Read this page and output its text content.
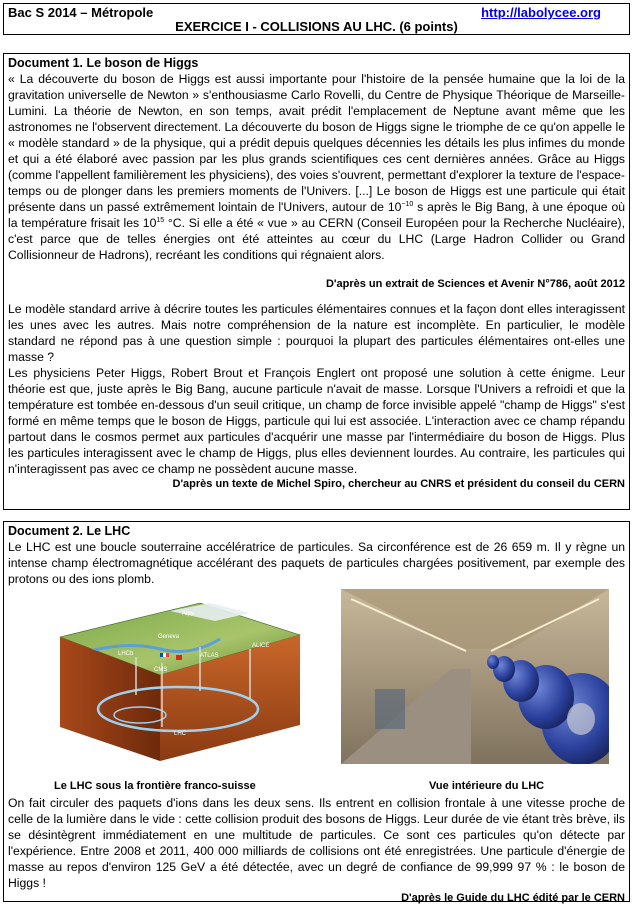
Bac S 2014 – Métropole	http://labolycee.org
EXERCICE I - COLLISIONS AU LHC. (6 points)
Document 1. Le boson de Higgs

« La découverte du boson de Higgs est aussi importante pour l'histoire de la pensée humaine que la loi de la gravitation universelle de Newton » s'enthousiasme Carlo Rovelli, du Centre de Physique Théorique de Marseille-Lumini. La théorie de Newton, en son temps, avait prédit l'emplacement de Neptune avant même que les astronomes ne l'observent directement. La découverte du boson de Higgs signe le triomphe de ce qu'on appelle le « modèle standard » de la physique, qui a prédit depuis quelques décennies les détails les plus infimes du monde et qui a été élaboré avec passion par les plus grands scientifiques ces cent dernières années. Grâce au Higgs (comme l'appellent familièrement les physiciens), des voies s'ouvrent, permettant d'explorer la texture de l'espace-temps ou de plonger dans les premiers moments de l'Univers. [...] Le boson de Higgs est une particule qui était présente dans un passé extrêmement lointain de l'Univers, autour de $10^{-10}$ s après le Big Bang, à une époque où la température frisait les $10^{15}$ °C. Si elle a été « vue » au CERN (Conseil Européen pour la Recherche Nucléaire), c'est parce que de telles énergies ont été atteintes au cœur du LHC (Large Hadron Collider ou Grand Collisionneur de Hadrons), recréant les conditions qui régnaient alors.

D'après un extrait de Sciences et Avenir N°786, août 2012

Le modèle standard arrive à décrire toutes les particules élémentaires connues et la façon dont elles interagissent les unes avec les autres. Mais notre compréhension de la nature est incomplète. En particulier, le modèle standard ne répond pas à une question simple : pourquoi la plupart des particules élémentaires ont-elles une masse ?

Les physiciens Peter Higgs, Robert Brout et François Englert ont proposé une solution à cette énigme. Leur théorie est que, juste après le Big Bang, aucune particule n'avait de masse. Lorsque l'Univers a refroidi et que la température est tombée en-dessous d'un seuil critique, un champ de force invisible appelé "champ de Higgs" s'est formé en même temps que le boson de Higgs, particule qui lui est associée. L'interaction avec ce champ répandu partout dans le cosmos permet aux particules d'acquérir une masse par l'intermédiaire du boson de Higgs. Plus les particules interagissent avec le champ de Higgs, plus elles deviennent lourdes. Au contraire, les particules qui n'interagissent pas avec ce champ ne possèdent aucune masse.

D'après un texte de Michel Spiro, chercheur au CNRS et président du conseil du CERN

Document 2. Le LHC

Le LHC est une boucle souterraine accélératrice de particules. Sa circonférence est de 26 659 m. Il y règne un intense champ électromagnétique accélérant des paquets de particules chargées positivement, par exemple des protons ou des ions plomb.

Alps
Geneva
LHCb	ATLAS
ALICE
CMS
LHC
Le LHC sous la frontière franco-suisse	Vue intérieure du LHC

On fait circuler des paquets d'ions dans les deux sens. Ils entrent en collision frontale à une vitesse proche de celle de la lumière dans le vide : cette collision produit des bosons de Higgs. Leur durée de vie étant très brève, ils se désintègrent immédiatement en une multitude de particules. Ce sont ces particules qu'on détecte par l'expérience. Entre 2008 et 2011, 400 000 milliards de collisions ont été enregistrées. Une particule d'énergie de masse au repos d'environ 125 GeV a été détectée, avec un degré de confiance de 99,999 97 % : le boson de Higgs !

D'après le Guide du LHC édité par le CERN
